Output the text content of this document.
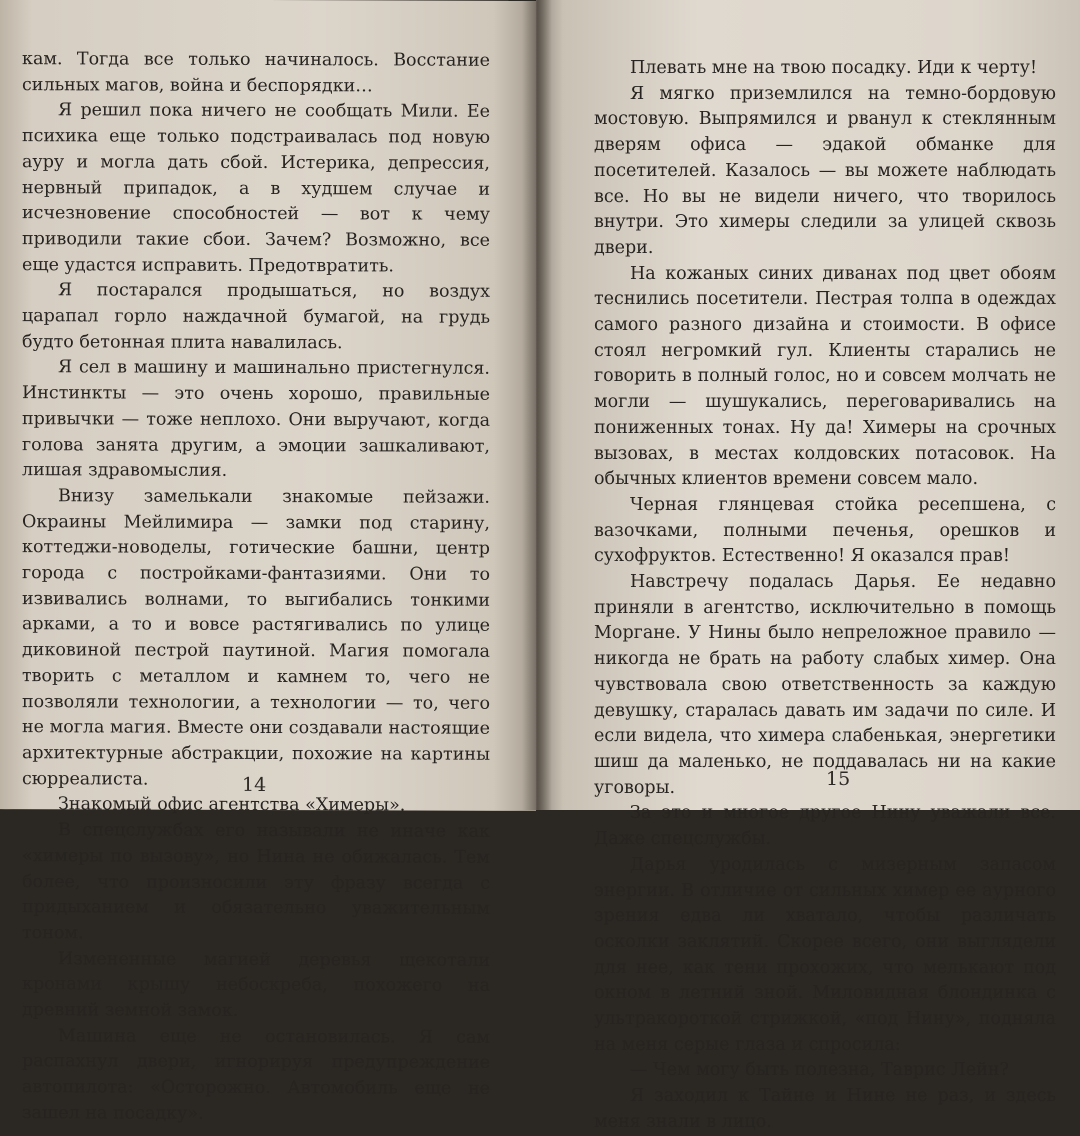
кам. Тогда все только начиналось. Восстание сильных магов, война и беспорядки…

Я решил пока ничего не сообщать Мили. Ее психика еще только подстраивалась под новую ауру и могла дать сбой. Истерика, депрессия, нервный припадок, а в худшем случае и исчезновение способностей — вот к чему приводили такие сбои. Зачем? Возможно, все еще удастся исправить. Предотвратить.

Я постарался продышаться, но воздух царапал горло наждачной бумагой, на грудь будто бетонная плита навалилась.

Я сел в машину и машинально пристегнулся. Инстинкты — это очень хорошо, правильные привычки — тоже неплохо. Они выручают, когда голова занята другим, а эмоции зашкаливают, лишая здравомыслия.

Внизу замелькали знакомые пейзажи. Окраины Мейлимира — замки под старину, коттеджи-новоделы, готические башни, центр города с постройками-фантазиями. Они то извивались волнами, то выгибались тонкими арками, а то и вовсе растягивались по улице диковиной пестрой паутиной. Магия помогала творить с металлом и камнем то, чего не позволяли технологии, а технологии — то, чего не могла магия. Вместе они создавали настоящие архитектурные абстракции, похожие на картины сюрреалиста.

Знакомый офис агентства «Химеры».

В спецслужбах его называли не иначе как «химеры по вызову», но Нина не обижалась. Тем более, что произносили эту фразу всегда с придыханием и обязательно уважительным тоном.

Измененные магией деревья щекотали кронами крышу небоскреба, похожего на древний земной замок.

Машина еще не остановилась. Я сам распахнул двери, игнорируя предупреждение автопилота: «Осторожно. Автомобиль еще не зашел на посадку».

14

Плевать мне на твою посадку. Иди к черту!

Я мягко приземлился на темно-бордовую мостовую. Выпрямился и рванул к стеклянным дверям офиса — эдакой обманке для посетителей. Казалось — вы можете наблюдать все. Но вы не видели ничего, что творилось внутри. Это химеры следили за улицей сквозь двери.

На кожаных синих диванах под цвет обоям теснились посетители. Пестрая толпа в одеждах самого разного дизайна и стоимости. В офисе стоял негромкий гул. Клиенты старались не говорить в полный голос, но и совсем молчать не могли — шушукались, переговаривались на пониженных тонах. Ну да! Химеры на срочных вызовах, в местах колдовских потасовок. На обычных клиентов времени совсем мало.

Черная глянцевая стойка ресепшена, с вазочками, полными печенья, орешков и сухофруктов. Естественно! Я оказался прав!

Навстречу подалась Дарья. Ее недавно приняли в агентство, исключительно в помощь Моргане. У Нины было непреложное правило — никогда не брать на работу слабых химер. Она чувствовала свою ответственность за каждую девушку, старалась давать им задачи по силе. И если видела, что химера слабенькая, энергетики шиш да маленько, не поддавалась ни на какие уговоры.

За это и многое другое Нину уважали все. Даже спецслужбы.

Дарья уродилась с мизерным запасом энергии. В отличие от сильных химер ее аурного зрения едва ли хватало, чтобы различать осколки заклятий. Скорее всего, они выглядели для нее, как тени прохожих, что мелькают под окном в летний зной. Миловидная блондинка с ультракороткой стрижкой, «под Нину», подняла на меня серые глаза и спросила:

— Чем могу быть полезна, Таврис Лейн?

Я заходил к Тайне и Нине не раз, и здесь меня знали в лицо.

15
